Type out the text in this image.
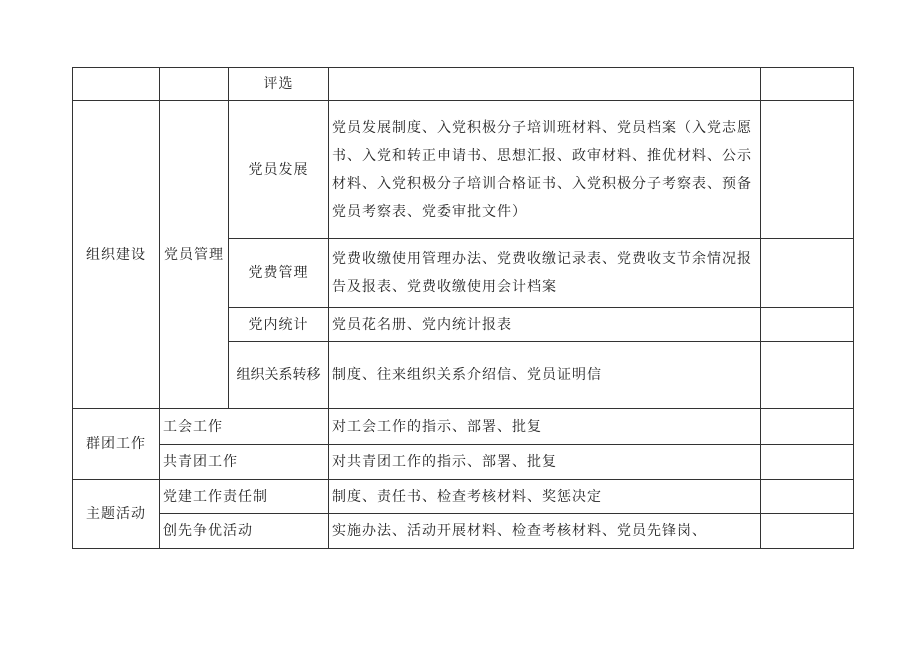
		评选		
组织建设	党员管理	党员发展	党员发展制度、入党积极分子培训班材料、党员档案（入党志愿书、入党和转正申请书、思想汇报、政审材料、推优材料、公示材料、入党积极分子培训合格证书、入党积极分子考察表、预备党员考察表、党委审批文件）	
		党费管理	党费收缴使用管理办法、党费收缴记录表、党费收支节余情况报告及报表、党费收缴使用会计档案	
		党内统计	党员花名册、党内统计报表	
		组织关系转移	制度、往来组织关系介绍信、党员证明信	
群团工作	工会工作		对工会工作的指示、部署、批复	
	共青团工作		对共青团工作的指示、部署、批复	
主题活动	党建工作责任制		制度、责任书、检查考核材料、奖惩决定	
	创先争优活动		实施办法、活动开展材料、检查考核材料、党员先锋岗、	
